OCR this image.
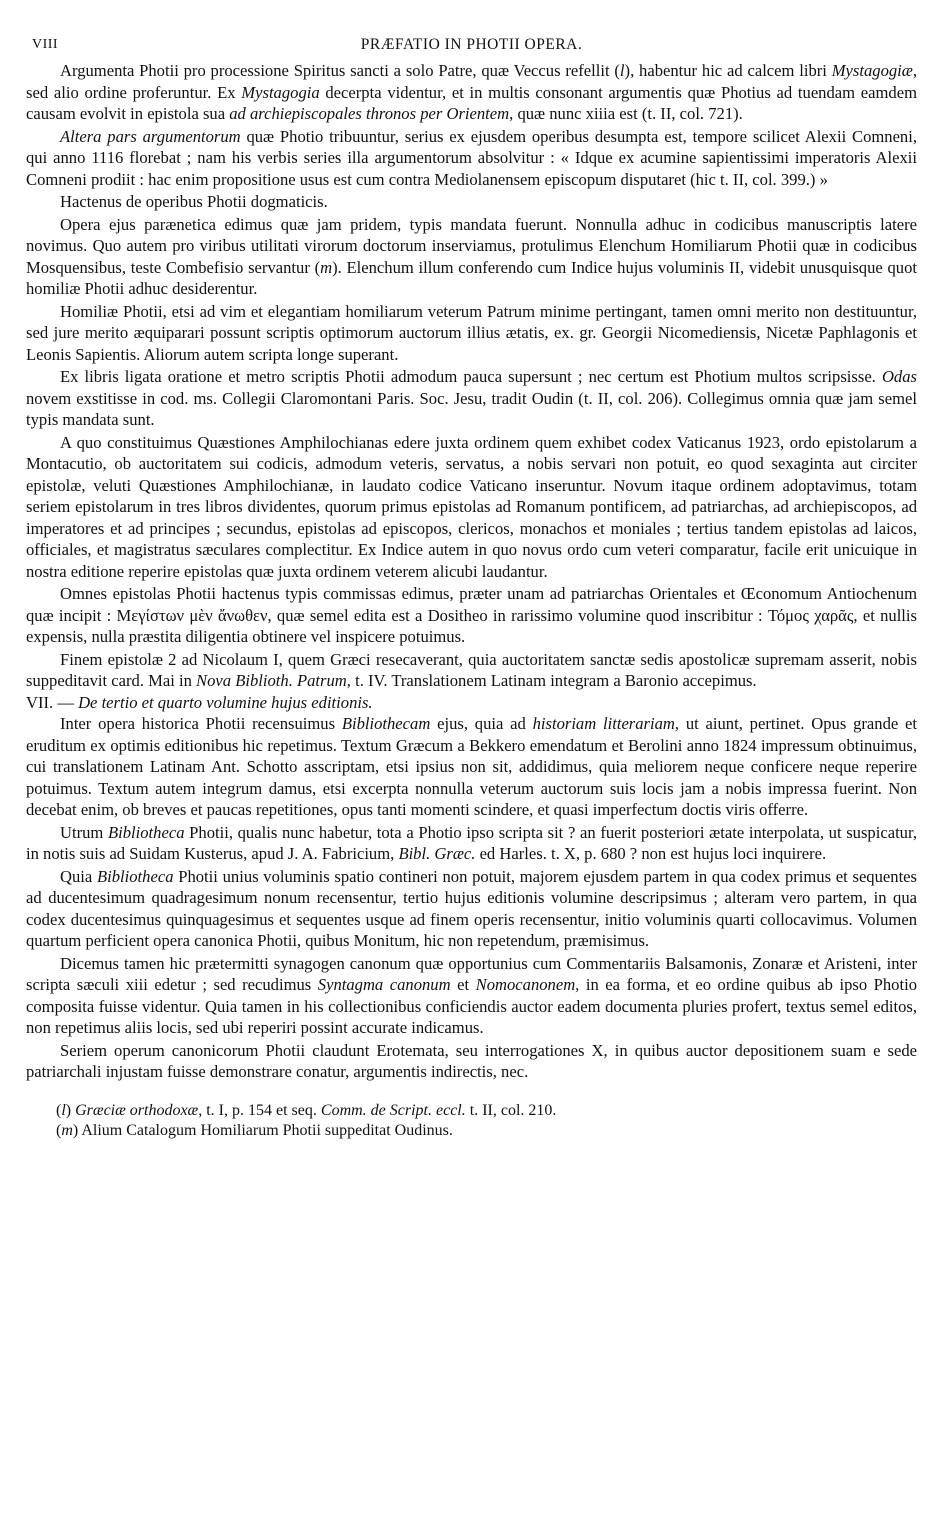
VIII	PRÆFATIO IN PHOTII OPERA.

Argumenta Photii pro processione Spiritus sancti a solo Patre, quæ Veccus refellit (l), habentur hic ad calcem libri Mystagogiæ, sed alio ordine proferuntur. Ex Mystagogia decerpta videntur, et in multis consonant argumentis quæ Photius ad tuendam eamdem causam evolvit in epistola sua ad archiepiscopales thronos per Orientem, quæ nunc xiiia est (t. II, col. 721).

Altera pars argumentorum quæ Photio tribuuntur, serius ex ejusdem operibus desumpta est, tempore scilicet Alexii Comneni, qui anno 1116 florebat ; nam his verbis series illa argumentorum absolvitur : « Idque ex acumine sapientissimi imperatoris Alexii Comneni prodiit : hac enim propositione usus est cum contra Mediolanensem episcopum disputaret (hic t. II, col. 399.) »

Hactenus de operibus Photii dogmaticis.

Opera ejus parænetica edimus quæ jam pridem, typis mandata fuerunt. Nonnulla adhuc in codicibus manuscriptis latere novimus. Quo autem pro viribus utilitati virorum doctorum inserviamus, protulimus Elenchum Homiliarum Photii quæ in codicibus Mosquensibus, teste Combefisio servantur (m). Elenchum illum conferendo cum Indice hujus voluminis II, videbit unusquisque quot homiliæ Photii adhuc desiderentur.

Homiliæ Photii, etsi ad vim et elegantiam homiliarum veterum Patrum minime pertingant, tamen omni merito non destituuntur, sed jure merito æquiparari possunt scriptis optimorum auctorum illius ætatis, ex. gr. Georgii Nicomediensis, Nicetæ Paphlagonis et Leonis Sapientis. Aliorum autem scripta longe superant.

Ex libris ligata oratione et metro scriptis Photii admodum pauca supersunt ; nec certum est Photium multos scripsisse. Odas novem exstitisse in cod. ms. Collegii Claromontani Paris. Soc. Jesu, tradit Oudin (t. II, col. 206). Collegimus omnia quæ jam semel typis mandata sunt.

A quo constituimus Quæstiones Amphilochianas edere juxta ordinem quem exhibet codex Vaticanus 1923, ordo epistolarum a Montacutio, ob auctoritatem sui codicis, admodum veteris, servatus, a nobis servari non potuit, eo quod sexaginta aut circiter epistolæ, veluti Quæstiones Amphilochianæ, in laudato codice Vaticano inseruntur. Novum itaque ordinem adoptavimus, totam seriem epistolarum in tres libros dividentes, quorum primus epistolas ad Romanum pontificem, ad patriarchas, ad archiepiscopos, ad imperatores et ad principes ; secundus, epistolas ad episcopos, clericos, monachos et moniales ; tertius tandem epistolas ad laicos, officiales, et magistratus sæculares complectitur. Ex Indice autem in quo novus ordo cum veteri comparatur, facile erit unicuique in nostra editione reperire epistolas quæ juxta ordinem veterem alicubi laudantur.

Omnes epistolas Photii hactenus typis commissas edimus, præter unam ad patriarchas Orientales et Œconomum Antiochenum quæ incipit : Μεγίστων μὲν ἄνωθεν, quæ semel edita est a Dositheo in rarissimo volumine quod inscribitur : Τόμος χαρᾶς, et nullis expensis, nulla præstita diligentia obtinere vel inspicere potuimus.

Finem epistolæ 2 ad Nicolaum I, quem Græci resecaverant, quia auctoritatem sanctæ sedis apostolicæ supremam asserit, nobis suppeditavit card. Mai in Nova Biblioth. Patrum, t. IV. Translationem Latinam integram a Baronio accepimus.

VII. — De tertio et quarto volumine hujus editionis.

Inter opera historica Photii recensuimus Bibliothecam ejus, quia ad historiam litterariam, ut aiunt, pertinet. Opus grande et eruditum ex optimis editionibus hic repetimus. Textum Græcum a Bekkero emendatum et Berolini anno 1824 impressum obtinuimus, cui translationem Latinam Ant. Schotto asscriptam, etsi ipsius non sit, addidimus, quia meliorem neque conficere neque reperire potuimus. Textum autem integrum damus, etsi excerpta nonnulla veterum auctorum suis locis jam a nobis impressa fuerint. Non decebat enim, ob breves et paucas repetitiones, opus tanti momenti scindere, et quasi imperfectum doctis viris offerre.

Utrum Bibliotheca Photii, qualis nunc habetur, tota a Photio ipso scripta sit ? an fuerit posteriori ætate interpolata, ut suspicatur, in notis suis ad Suidam Kusterus, apud J. A. Fabricium, Bibl. Græc. ed Harles. t. X, p. 680 ? non est hujus loci inquirere.

Quia Bibliotheca Photii unius voluminis spatio contineri non potuit, majorem ejusdem partem in qua codex primus et sequentes ad ducentesimum quadragesimum nonum recensentur, tertio hujus editionis volumine descripsimus ; alteram vero partem, in qua codex ducentesimus quinquagesimus et sequentes usque ad finem operis recensentur, initio voluminis quarti collocavimus. Volumen quartum perficient opera canonica Photii, quibus Monitum, hic non repetendum, præmisimus.

Dicemus tamen hic prætermitti synagogen canonum quæ opportunius cum Commentariis Balsamonis, Zonaræ et Aristeni, inter scripta sæculi xiii edetur ; sed recudimus Syntagma canonum et Nomocanonem, in ea forma, et eo ordine quibus ab ipso Photio composita fuisse videntur. Quia tamen in his collectionibus conficiendis auctor eadem documenta pluries profert, textus semel editos, non repetimus aliis locis, sed ubi reperiri possint accurate indicamus.

Seriem operum canonicorum Photii claudunt Erotemata, seu interrogationes X, in quibus auctor depositionem suam e sede patriarchali injustam fuisse demonstrare conatur, argumentis indirectis, nec.

(l) Græciæ orthodoxæ, t. I, p. 154 et seq. Comm. de Script. eccl. t. II, col. 210.
(m) Alium Catalogum Homiliarum Photii suppeditat Oudinus.
